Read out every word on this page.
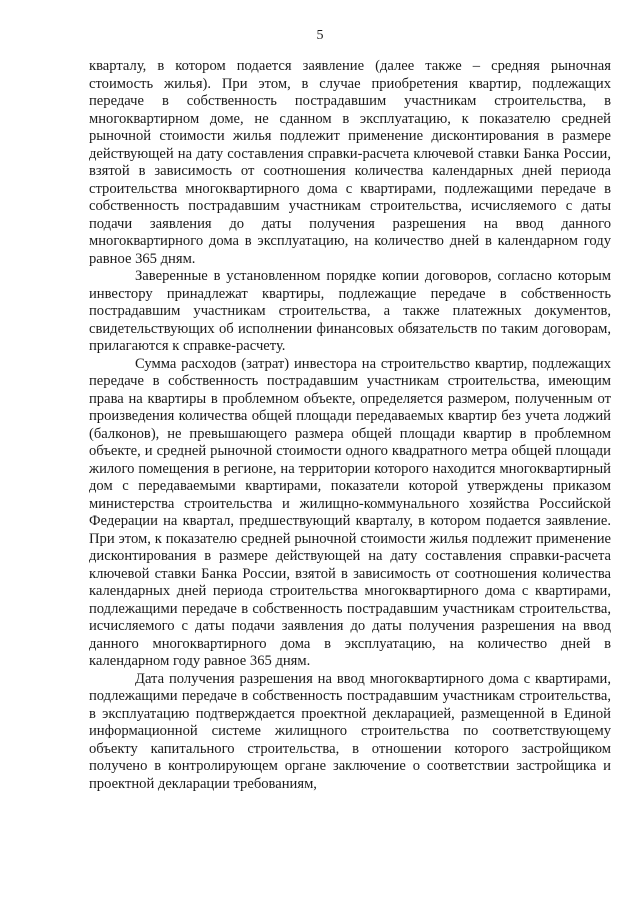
5

кварталу, в котором подается заявление (далее также – средняя рыночная стоимость жилья). При этом, в случае приобретения квартир, подлежащих передаче в собственность пострадавшим участникам строительства, в многоквартирном доме, не сданном в эксплуатацию, к показателю средней рыночной стоимости жилья подлежит применение дисконтирования в размере действующей на дату составления справки-расчета ключевой ставки Банка России, взятой в зависимость от соотношения количества календарных дней периода строительства многоквартирного дома с квартирами, подлежащими передаче в собственность пострадавшим участникам строительства, исчисляемого с даты подачи заявления до даты получения разрешения на ввод данного многоквартирного дома в эксплуатацию, на количество дней в календарном году равное 365 дням.

Заверенные в установленном порядке копии договоров, согласно которым инвестору принадлежат квартиры, подлежащие передаче в собственность пострадавшим участникам строительства, а также платежных документов, свидетельствующих об исполнении финансовых обязательств по таким договорам, прилагаются к справке-расчету.

Сумма расходов (затрат) инвестора на строительство квартир, подлежащих передаче в собственность пострадавшим участникам строительства, имеющим права на квартиры в проблемном объекте, определяется размером, полученным от произведения количества общей площади передаваемых квартир без учета лоджий (балконов), не превышающего размера общей площади квартир в проблемном объекте, и средней рыночной стоимости одного квадратного метра общей площади жилого помещения в регионе, на территории которого находится многоквартирный дом с передаваемыми квартирами, показатели которой утверждены приказом министерства строительства и жилищно-коммунального хозяйства Российской Федерации на квартал, предшествующий кварталу, в котором подается заявление. При этом, к показателю средней рыночной стоимости жилья подлежит применение дисконтирования в размере действующей на дату составления справки-расчета ключевой ставки Банка России, взятой в зависимость от соотношения количества календарных дней периода строительства многоквартирного дома с квартирами, подлежащими передаче в собственность пострадавшим участникам строительства, исчисляемого с даты подачи заявления до даты получения разрешения на ввод данного многоквартирного дома в эксплуатацию, на количество дней в календарном году равное 365 дням.

Дата получения разрешения на ввод многоквартирного дома с квартирами, подлежащими передаче в собственность пострадавшим участникам строительства, в эксплуатацию подтверждается проектной декларацией, размещенной в Единой информационной системе жилищного строительства по соответствующему объекту капитального строительства, в отношении которого застройщиком получено в контролирующем органе заключение о соответствии застройщика и проектной декларации требованиям,
